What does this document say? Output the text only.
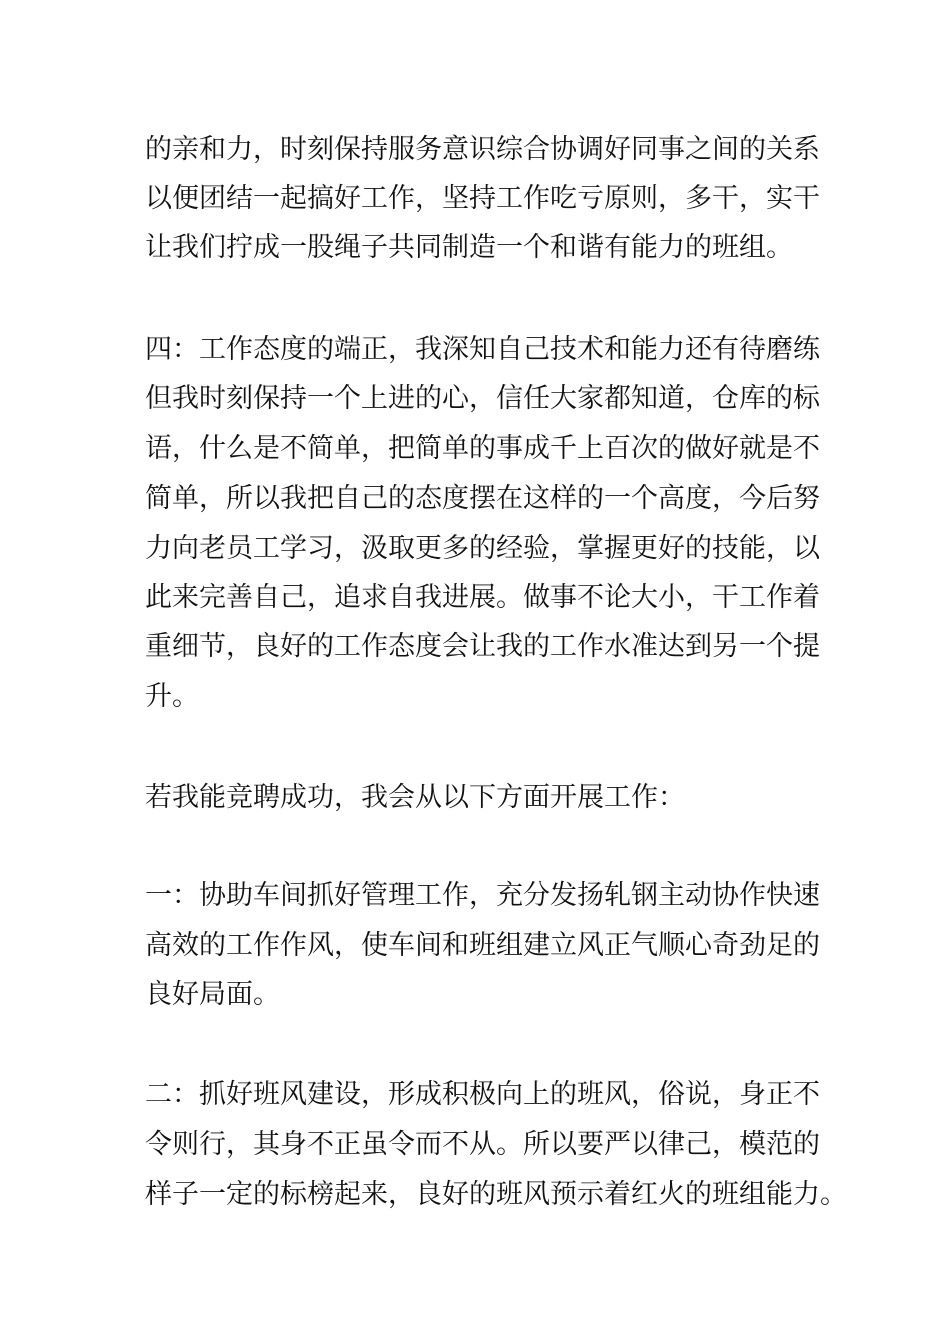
的亲和力，时刻保持服务意识综合协调好同事之间的关系
以便团结一起搞好工作，坚持工作吃亏原则，多干，实干
让我们拧成一股绳子共同制造一个和谐有能力的班组。
四：工作态度的端正，我深知自己技术和能力还有待磨练
但我时刻保持一个上进的心，信任大家都知道，仓库的标
语，什么是不简单，把简单的事成千上百次的做好就是不
简单，所以我把自己的态度摆在这样的一个高度，今后努
力向老员工学习，汲取更多的经验，掌握更好的技能，以
此来完善自己，追求自我进展。做事不论大小，干工作着
重细节，良好的工作态度会让我的工作水准达到另一个提
升。
若我能竞聘成功，我会从以下方面开展工作：
一：协助车间抓好管理工作，充分发扬轧钢主动协作快速
高效的工作作风，使车间和班组建立风正气顺心奇劲足的
良好局面。
二：抓好班风建设，形成积极向上的班风，俗说，身正不
令则行，其身不正虽令而不从。所以要严以律己，模范的
样子一定的标榜起来，良好的班风预示着红火的班组能力。
